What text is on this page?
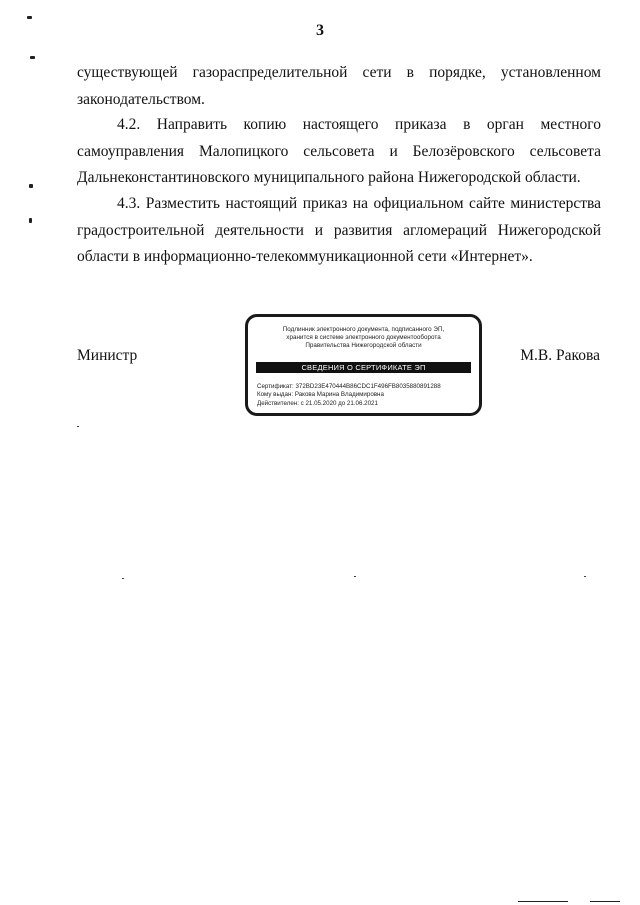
3

существующей газораспределительной сети в порядке, установленном законодательством.

4.2. Направить копию настоящего приказа в орган местного самоуправления Малопицкого сельсовета и Белозёровского сельсовета Дальнеконстантиновского муниципального района Нижегородской области.

4.3. Разместить настоящий приказ на официальном сайте министерства градостроительной деятельности и развития агломераций Нижегородской области в информационно-телекоммуникационной сети «Интернет».

Министр	М.В. Ракова
Подлинник электронного документа, подписанного ЭП,
хранится в системе электронного документооборота
Правительства Нижегородской области
СВЕДЕНИЯ О СЕРТИФИКАТЕ ЭП
Сертификат: 372BD23E470444B86CDC1F496FB8035880891288
Кому выдан: Ракова Марина Владимировна
Действителен: с 21.05.2020 до 21.06.2021
